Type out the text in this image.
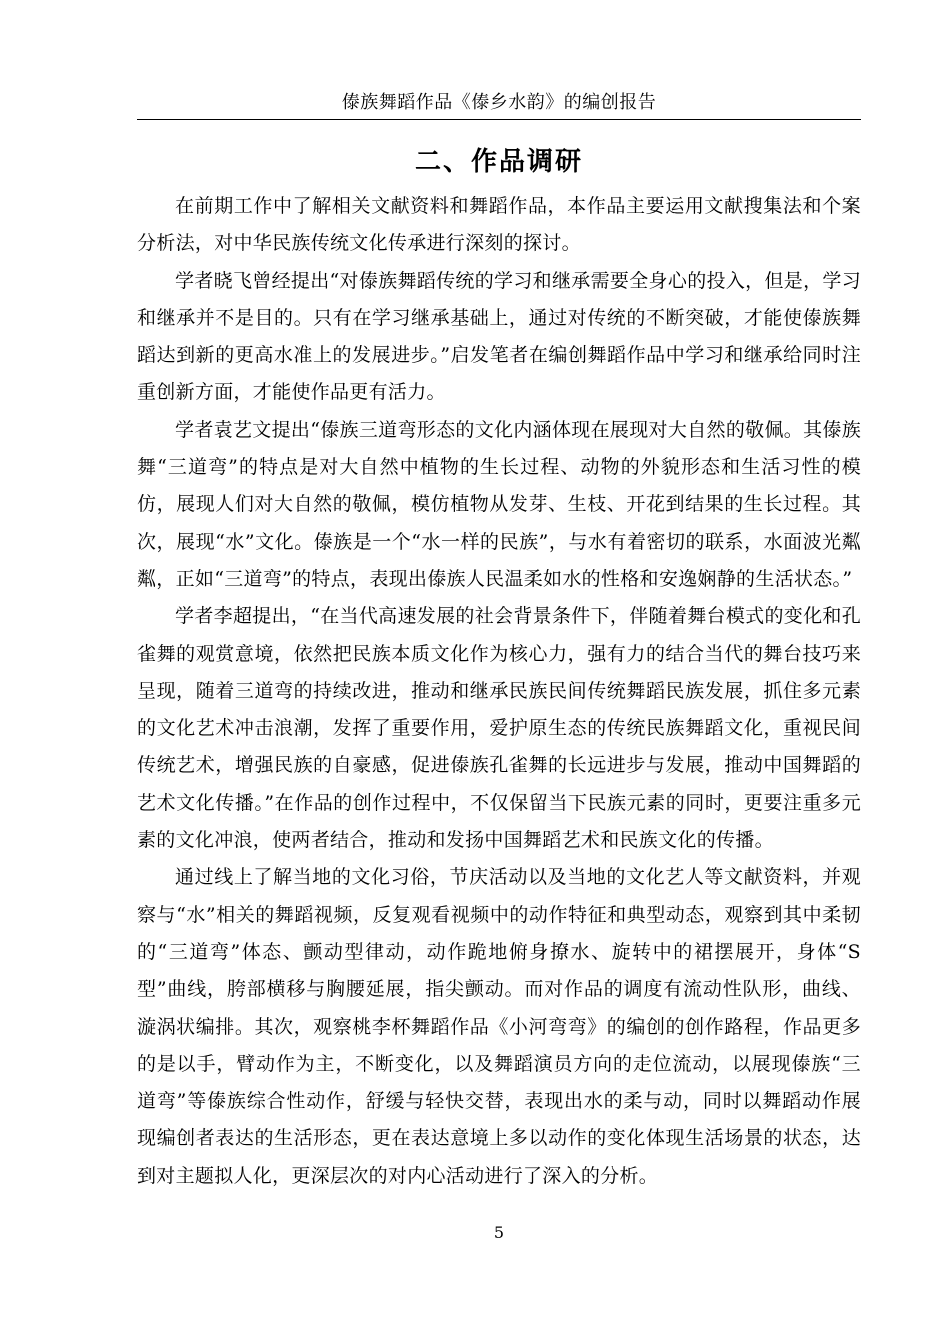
傣族舞蹈作品《傣乡水韵》的编创报告
二、作品调研

在前期工作中了解相关文献资料和舞蹈作品，本作品主要运用文献搜集法和个案分析法，对中华民族传统文化传承进行深刻的探讨。

学者晓飞曾经提出“对傣族舞蹈传统的学习和继承需要全身心的投入，但是，学习和继承并不是目的。只有在学习继承基础上，通过对传统的不断突破，才能使傣族舞蹈达到新的更高水准上的发展进步。”启发笔者在编创舞蹈作品中学习和继承给同时注重创新方面，才能使作品更有活力。

学者袁艺文提出“傣族三道弯形态的文化内涵体现在展现对大自然的敬佩。其傣族舞“三道弯”的特点是对大自然中植物的生长过程、动物的外貌形态和生活习性的模仿，展现人们对大自然的敬佩，模仿植物从发芽、生枝、开花到结果的生长过程。其次，展现“水”文化。傣族是一个“水一样的民族”，与水有着密切的联系，水面波光粼粼，正如“三道弯”的特点，表现出傣族人民温柔如水的性格和安逸娴静的生活状态。”

学者李超提出，“在当代高速发展的社会背景条件下，伴随着舞台模式的变化和孔雀舞的观赏意境，依然把民族本质文化作为核心力，强有力的结合当代的舞台技巧来呈现，随着三道弯的持续改进，推动和继承民族民间传统舞蹈民族发展，抓住多元素的文化艺术冲击浪潮，发挥了重要作用，爱护原生态的传统民族舞蹈文化，重视民间传统艺术，增强民族的自豪感，促进傣族孔雀舞的长远进步与发展，推动中国舞蹈的艺术文化传播。”在作品的创作过程中，不仅保留当下民族元素的同时，更要注重多元素的文化冲浪，使两者结合，推动和发扬中国舞蹈艺术和民族文化的传播。

通过线上了解当地的文化习俗，节庆活动以及当地的文化艺人等文献资料，并观察与“水”相关的舞蹈视频，反复观看视频中的动作特征和典型动态，观察到其中柔韧的“三道弯”体态、颤动型律动，动作跪地俯身撩水、旋转中的裙摆展开，身体“S 型”曲线，胯部横移与胸腰延展，指尖颤动。而对作品的调度有流动性队形，曲线、漩涡状编排。其次，观察桃李杯舞蹈作品《小河弯弯》的编创的创作路程，作品更多的是以手，臂动作为主，不断变化，以及舞蹈演员方向的走位流动，以展现傣族“三道弯”等傣族综合性动作，舒缓与轻快交替，表现出水的柔与动，同时以舞蹈动作展现编创者表达的生活形态，更在表达意境上多以动作的变化体现生活场景的状态，达到对主题拟人化，更深层次的对内心活动进行了深入的分析。

5
